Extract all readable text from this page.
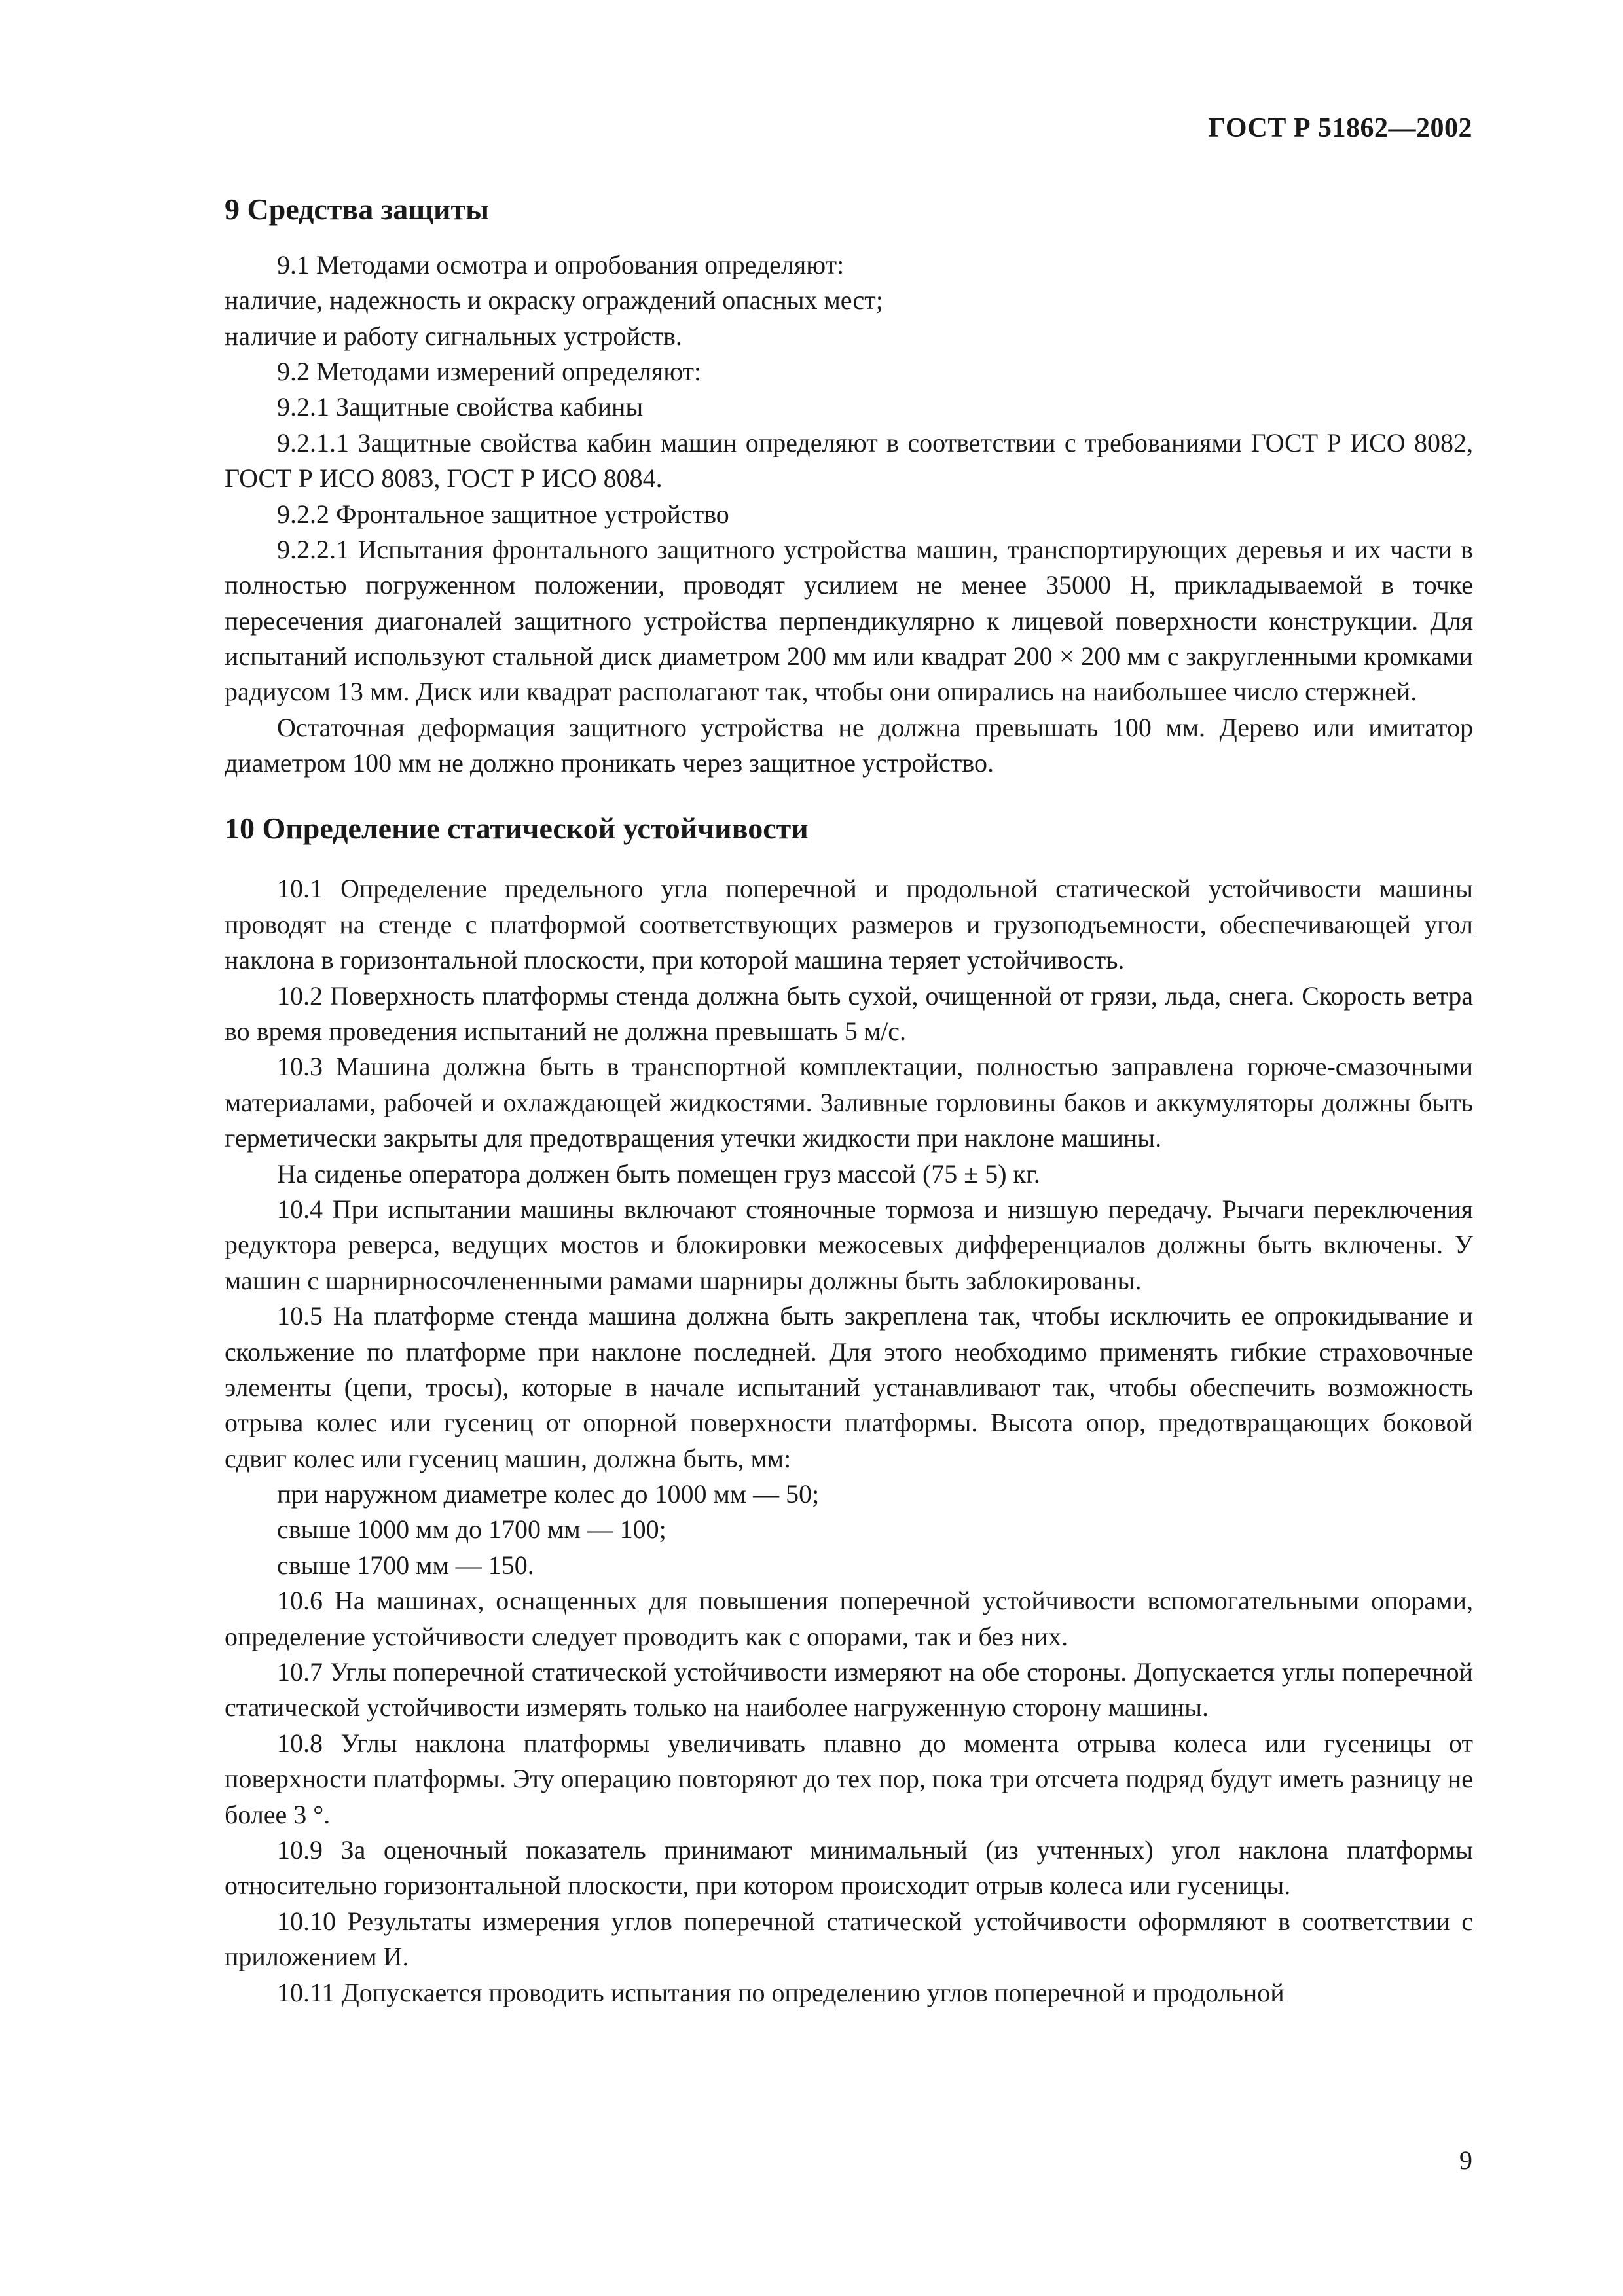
ГОСТ Р 51862—2002
9 Средства защиты

9.1 Методами осмотра и опробования определяют:

наличие, надежность и окраску ограждений опасных мест;

наличие и работу сигнальных устройств.

9.2 Методами измерений определяют:

9.2.1 Защитные свойства кабины

9.2.1.1 Защитные свойства кабин машин определяют в соответствии с требованиями ГОСТ Р ИСО 8082, ГОСТ Р ИСО 8083, ГОСТ Р ИСО 8084.

9.2.2 Фронтальное защитное устройство

9.2.2.1 Испытания фронтального защитного устройства машин, транспортирующих деревья и их части в полностью погруженном положении, проводят усилием не менее 35000 Н, прикладываемой в точке пересечения диагоналей защитного устройства перпендикулярно к лицевой поверхности конструкции. Для испытаний используют стальной диск диаметром 200 мм или квадрат 200 × 200 мм с закругленными кромками радиусом 13 мм. Диск или квадрат располагают так, чтобы они опирались на наибольшее число стержней.

Остаточная деформация защитного устройства не должна превышать 100 мм. Дерево или имитатор диаметром 100 мм не должно проникать через защитное устройство.

10 Определение статической устойчивости

10.1 Определение предельного угла поперечной и продольной статической устойчивости машины проводят на стенде с платформой соответствующих размеров и грузоподъемности, обеспечивающей угол наклона в горизонтальной плоскости, при которой машина теряет устойчивость.

10.2 Поверхность платформы стенда должна быть сухой, очищенной от грязи, льда, снега. Скорость ветра во время проведения испытаний не должна превышать 5 м/с.

10.3 Машина должна быть в транспортной комплектации, полностью заправлена горюче-смазочными материалами, рабочей и охлаждающей жидкостями. Заливные горловины баков и аккумуляторы должны быть герметически закрыты для предотвращения утечки жидкости при наклоне машины.

На сиденье оператора должен быть помещен груз массой (75 ± 5) кг.

10.4 При испытании машины включают стояночные тормоза и низшую передачу. Рычаги переключения редуктора реверса, ведущих мостов и блокировки межосевых дифференциалов должны быть включены. У машин с шарнирносочлененными рамами шарниры должны быть заблокированы.

10.5 На платформе стенда машина должна быть закреплена так, чтобы исключить ее опрокидывание и скольжение по платформе при наклоне последней. Для этого необходимо применять гибкие страховочные элементы (цепи, тросы), которые в начале испытаний устанавливают так, чтобы обеспечить возможность отрыва колес или гусениц от опорной поверхности платформы. Высота опор, предотвращающих боковой сдвиг колес или гусениц машин, должна быть, мм:

при наружном диаметре колес до 1000 мм — 50;

свыше 1000 мм до 1700 мм — 100;

свыше 1700 мм — 150.

10.6 На машинах, оснащенных для повышения поперечной устойчивости вспомогательными опорами, определение устойчивости следует проводить как с опорами, так и без них.

10.7 Углы поперечной статической устойчивости измеряют на обе стороны. Допускается углы поперечной статической устойчивости измерять только на наиболее нагруженную сторону машины.

10.8 Углы наклона платформы увеличивать плавно до момента отрыва колеса или гусеницы от поверхности платформы. Эту операцию повторяют до тех пор, пока три отсчета подряд будут иметь разницу не более 3 °.

10.9 За оценочный показатель принимают минимальный (из учтенных) угол наклона платформы относительно горизонтальной плоскости, при котором происходит отрыв колеса или гусеницы.

10.10 Результаты измерения углов поперечной статической устойчивости оформляют в соответствии с приложением И.

10.11 Допускается проводить испытания по определению углов поперечной и продольной

9
